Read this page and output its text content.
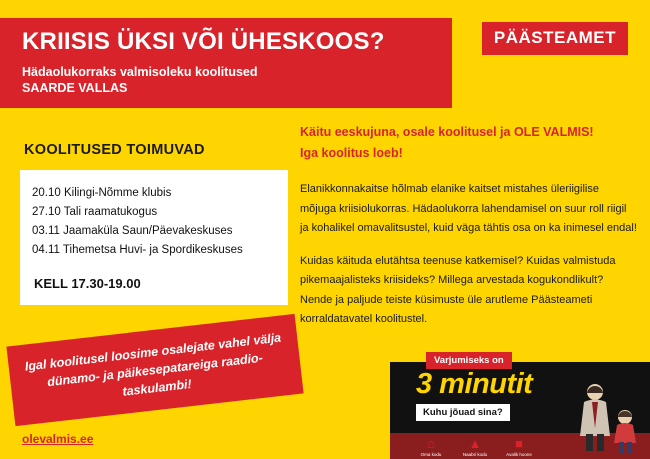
KRIISIS ÜKSI VÕI ÜHESKOOS?
Hädaolukorraks valmisoleku koolitused
SAARDE VALLAS
PÄÄSTEAMET
KOOLITUSED TOIMUVAD
20.10 Kilingi-Nõmme klubis
27.10 Tali raamatukogus
03.11 Jaamaküla Saun/Päevakeskuses
04.11 Tihemetsa Huvi- ja Spordikeskuses
KELL 17.30-19.00
Igal koolitusel loosime osalejate vahel välja dünamo- ja päikesepatareiga raadio-taskulambi!
olevalmis.ee
Käitu eeskujuna, osale koolitusel ja OLE VALMIS!
Iga koolitus loeb!

Elanikkonnakaitse hõlmab elanike kaitset mistahes üleriigilise mõjuga kriisiolukorras. Hädaolukorra lahendamisel on suur roll riigil ja kohalikel omavalitsustel, kuid väga tähtis osa on ka inimesel endal!

Kuidas käituda elutähtsa teenuse katkemisel? Kuidas valmistuda pikemaajalisteks kriisideks? Millega arvestada kogukondlikult? Nende ja paljude teiste küsimuste üle arutleme Päästeameti korraldatavatel koolitustel.

⌂
Oma kodu
▲
Naabri kodu
■
Avalik hoone
Varjumiseks on
3 minutit
Kuhu jõuad sina?
